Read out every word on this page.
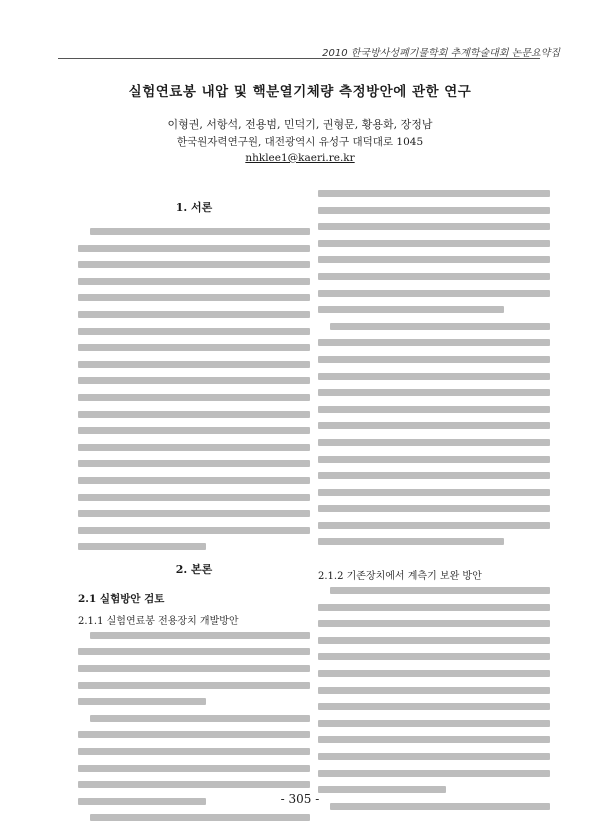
2010 한국방사성폐기물학회 추계학술대회 논문요약집
실험연료봉 내압 및 핵분열기체량 측정방안에 관한 연구
이형권, 서항석, 전용범, 민덕기, 권형문, 황용화, 장정남
한국원자력연구원, 대전광역시 유성구 대덕대로 1045
nhklee1@kaeri.re.kr
1. 서론
2. 본론
2.1 실험방안 검토
2.1.1 실험연료봉 전용장치 개발방안
2.1.2 기존장치에서 계측기 보완 방안
- 305 -
